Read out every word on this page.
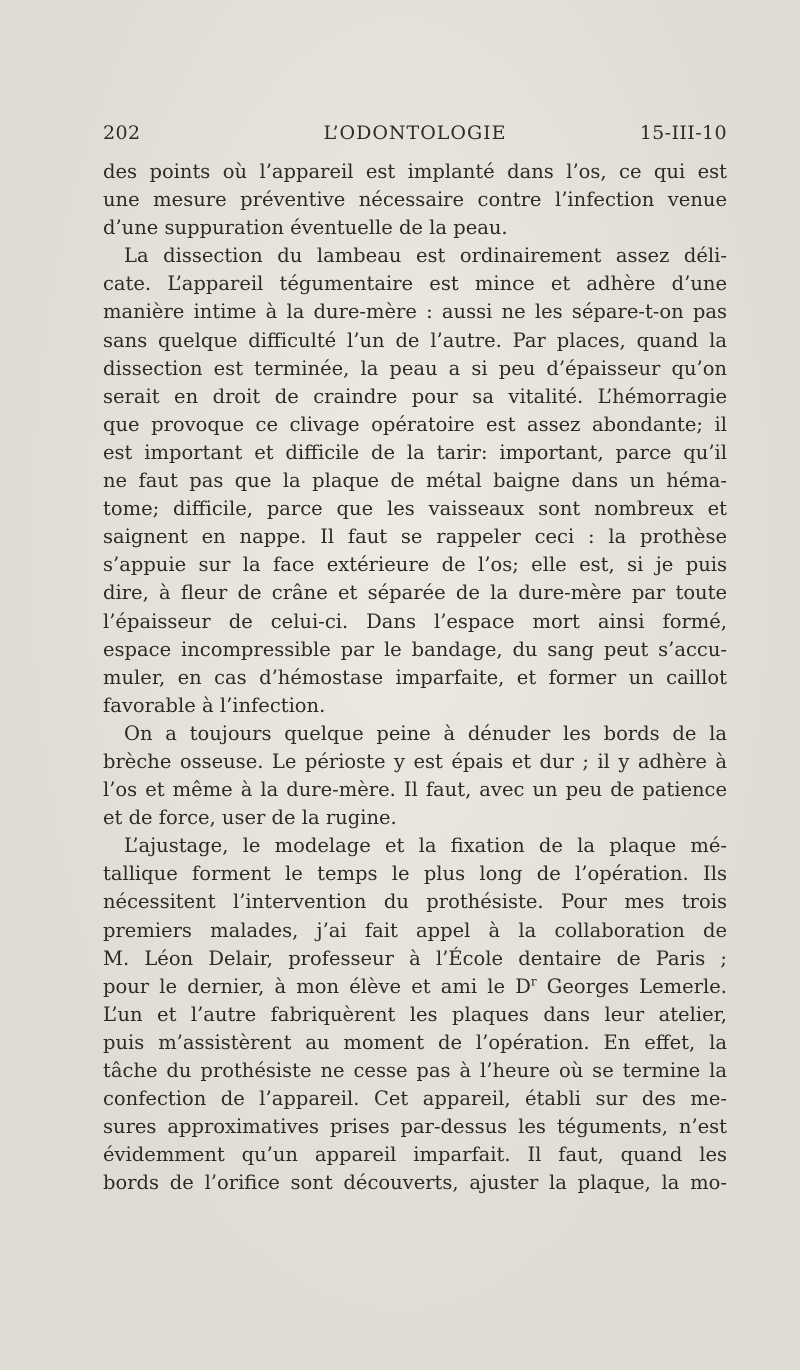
202	L’ODONTOLOGIE	15-III-10
des points où l’appareil est implanté dans l’os, ce qui est
une mesure préventive nécessaire contre l’infection venue
d’une suppuration éventuelle de la peau.
La dissection du lambeau est ordinairement assez déli-
cate. L’appareil tégumentaire est mince et adhère d’une
manière intime à la dure-mère : aussi ne les sépare-t-on pas
sans quelque difficulté l’un de l’autre. Par places, quand la
dissection est terminée, la peau a si peu d’épaisseur qu’on
serait en droit de craindre pour sa vitalité. L’hémorragie
que provoque ce clivage opératoire est assez abondante; il
est important et difficile de la tarir: important, parce qu’il
ne faut pas que la plaque de métal baigne dans un héma-
tome; difficile, parce que les vaisseaux sont nombreux et
saignent en nappe. Il faut se rappeler ceci : la prothèse
s’appuie sur la face extérieure de l’os; elle est, si je puis
dire, à fleur de crâne et séparée de la dure-mère par toute
l’épaisseur de celui-ci. Dans l’espace mort ainsi formé,
espace incompressible par le bandage, du sang peut s’accu-
muler, en cas d’hémostase imparfaite, et former un caillot
favorable à l’infection.
On a toujours quelque peine à dénuder les bords de la
brèche osseuse. Le périoste y est épais et dur ; il y adhère à
l’os et même à la dure-mère. Il faut, avec un peu de patience
et de force, user de la rugine.
L’ajustage, le modelage et la fixation de la plaque mé-
tallique forment le temps le plus long de l’opération. Ils
nécessitent l’intervention du prothésiste. Pour mes trois
premiers malades, j’ai fait appel à la collaboration de
M. Léon Delair, professeur à l’École dentaire de Paris ;
pour le dernier, à mon élève et ami le $D^r$ Georges Lemerle.
L’un et l’autre fabriquèrent les plaques dans leur atelier,
puis m’assistèrent au moment de l’opération. En effet, la
tâche du prothésiste ne cesse pas à l’heure où se termine la
confection de l’appareil. Cet appareil, établi sur des me-
sures approximatives prises par-dessus les téguments, n’est
évidemment qu’un appareil imparfait. Il faut, quand les
bords de l’orifice sont découverts, ajuster la plaque, la mo-
